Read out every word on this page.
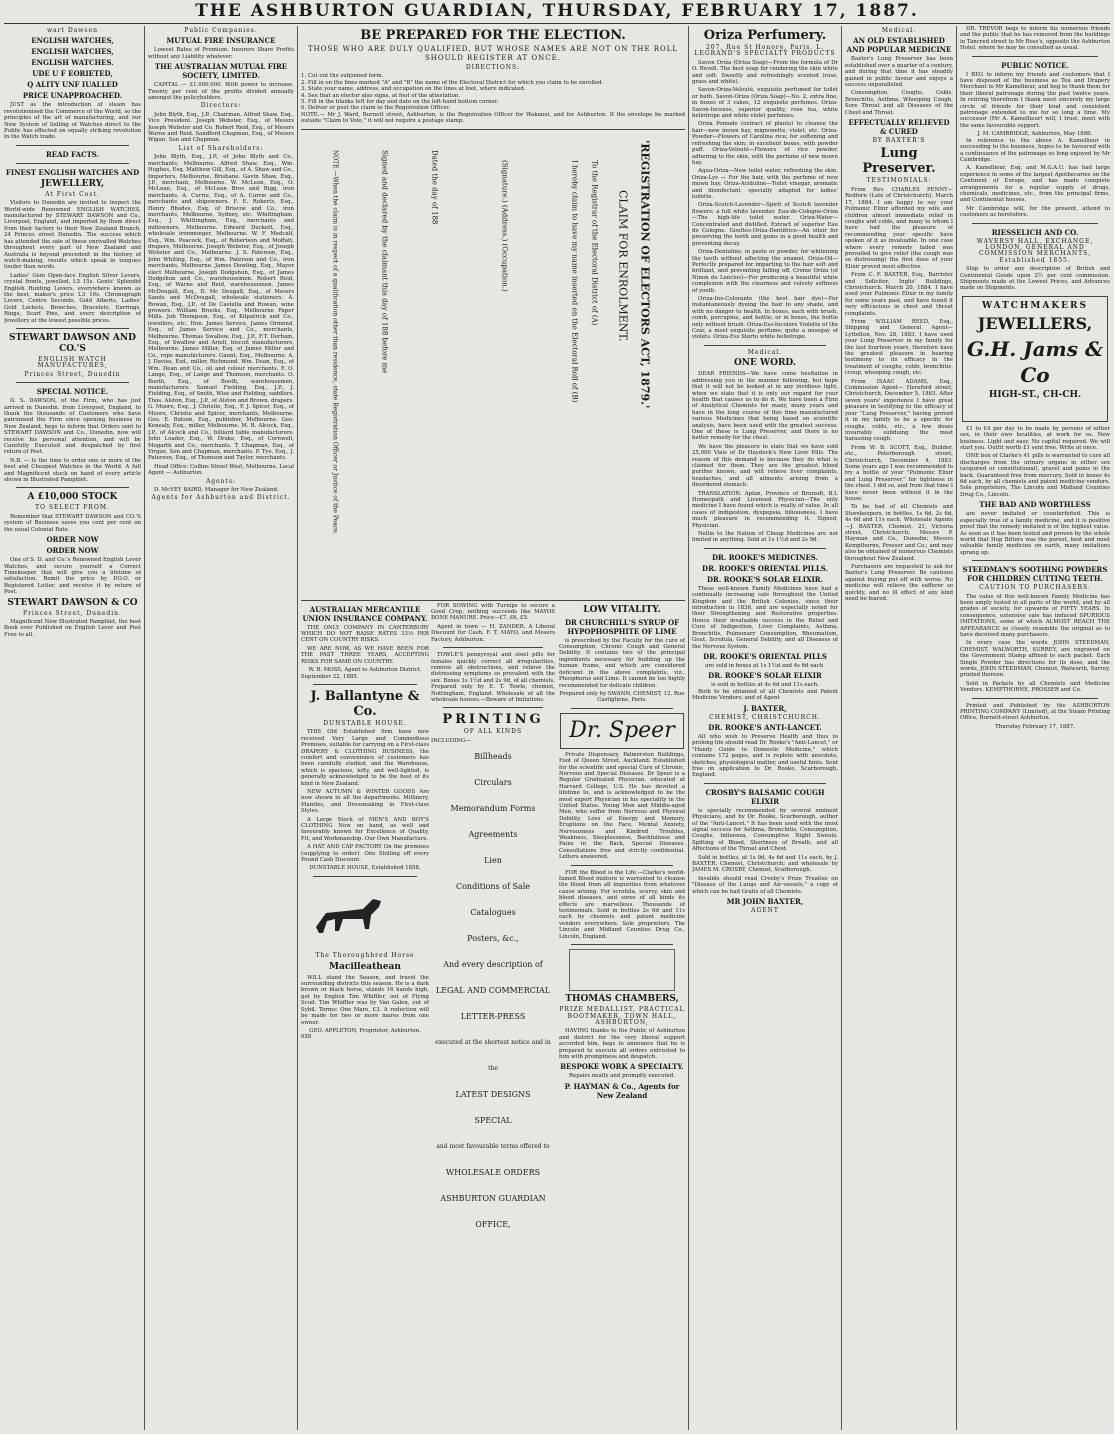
THE ASHBURTON GUARDIAN, THURSDAY, FEBRUARY 17, 1887.
wart Dawson
ENGLISH WATCHES,
ENGLISH WATCHES,
ENGLISH WATCHES.
UDE U F EORIETED,
Q ALITY UNF IUALLED
PRICE UNAPPROACHED.

JUST as the introduction of steam has revolutionised the Commerce of the World, so the principles of the art of manufacturing, and our New System of Selling of Watches direct to the Public has effected an equally striking revolution in the Watch trade.

READ FACTS.
FINEST ENGLISH WATCHES AND
JEWELLERY,
At First Cost.

Visitors to Dunedin are invited to inspect the World-wide Renowned ENGLISH WATCHES, manufactured by STEWART DAWSON and Co., Liverpool, England, and imported by them direct from their factory to their New Zealand Branch, 24 Princes street Dunedin. The success which has attended the sale of these unrivalled Watches throughout every part of New Zealand and Australia is beyond precedent in the history of watch-making, results which speak in tongues louder than words.

Ladies' Gem Open-face English Silver Levers, crystal fronts, jewelled, L5 15s. Gents' Splendid English Hunting Levers, everywhere known as the best, maker's price L3 10s. Chronograph Levers, Centre Seconds, Gold Alberts, Ladies' Gold Lockets, Brooches, Bracelets, Earrings, Rings, Scarf Pins, and every description of Jewellery at the lowest possible prices.

STEWART DAWSON AND CO.'S
ENGLISH WATCH MANUFACTURES,
Princes Street, Dunedin
SPECIAL NOTICE.

D. S. DAWSON, of the Firm, who has just arrived in Dunedin, from Liverpool, England, to thank the thousands of Customers who have patronised the Firm since opening business in New Zealand, begs to inform that Orders sent to STEWART DAWSON and Co., Dunedin, now will receive his personal attention, and will be Carefully Executed and despatched by first return of Post.

N.B. — Is the time to order one or more of the best and Cheapest Watches in the World. A full and Magnificent stock on hand of every article shown in Illustrated Pamphlet.

A £10,000 STOCK
TO SELECT FROM.

Remember that STEWART DAWSON and CO.'S system of Business saves you cent per cent on the usual Colonial Rate.

ORDER NOW
ORDER NOW

One of S. D. and Co.'s Renowned English Lever Watches, and secure yourself a Correct Timekeeper that will give you a lifetime of satisfaction. Remit the price by P.O.O. or Registered Letter, and receive it by return of Post.

STEWART DAWSON & CO
Princes Street, Dunedin.

Magnificent New Illustrated Pamphlet, the best Book ever Published on English Lever and Post Free to all.

Public Companies.
MUTUAL FIRE INSURANCE

Lowest Rates of Premium. Insurers Share Profits without any Liability whatever.

THE AUSTRALIAN MUTUAL FIRE SOCIETY, LIMITED.

CAPITAL — £1,000,000. With power to increase. Twenty per cent of the profits divided annually amongst the policyholders.

Directors:

John Blyth, Esq., J.P., Chairman. Alfred Shaw, Esq., Vice President. Joseph Webster, Esq., of Messrs Joseph Webster and Co. Robert Reid, Esq., of Messrs Warne and Reid. Sandford Chapman, Esq., of Messrs Wigan, Son and Chapman.

List of Shareholders:

John Blyth, Esq., J.P., of John Blyth and Co., merchants, Melbourne. Alfred Shaw, Esq., Wm. Hughes, Esq. Matthew Gill, Esq., of A. Shaw and Co., Importers, Melbourne, Brisbane. Gavin Shaw, Esq., J.P., merchant, Melbourne. W. McLean, Esq., O. McLean, Esq., of McLean Bros and Rigg, iron merchants. A. Currie, Esq., of A. Currie and Co., merchants and shipowners. F. E. Roberts, Esq., Henry Rhodes, Esq. of Briscoe and Co., iron merchants, Melbourne, Sydney, etc. Whittingham, Esq., J. Whittingham, Esq., merchants and millowners, Melbourne. Edward Duckett, Esq., wholesale ironmonger, Melbourne. W. F. Medcalf, Esq., Wm. Peacock, Esq., of Robertson and Moffatt, drapers, Melbourne. Joseph Webster, Esq., of Joseph Webster and Co., Melbourne. J. S. Paterson, Esq., John Whiting, Esq., of Wm. Paterson and Co., iron merchants, Melbourne. James Dowling, Esq., Mayor elect Melbourne. Joseph Dodgshun, Esq., of James Dodgshun and Co., warehousemen. Robert Reid, Esq., of Warne and Reid, warehousemen. James McDougall, Esq., D. Mc Dougall, Esq., of Messrs Sands and McDougall, wholesale stationers. A. Rowan, Esq., J.P., of De Castella and Rowan, wine growers. William Brooks, Esq., Melbourne Paper Mills. Job Thompson, Esq., of Kilpatrick and Co., jewellers, etc. Hon. James Service, James Ormond, Esq., of James Service and Co., merchants, Melbourne. Thomas Swallow, Esq., J.P., F.T. Derham, Esq., of Swallow and Ariell, biscuit manufacturers, Melbourne. James Miller, Esq. of James Miller and Co., rope manufacturers. Gaunt, Esq., Melbourne. A. J. Davies, Esd., miller, Richmond. Wm. Dean, Esq., of Wm. Dean and Co., oil and colour merchants. F. O. Lange, Esq., of Lange and Thomson, merchants. O. Booth, Esq., of Booth, warehousemen, manufacturers. Samuel Fielding, Esq., J.P., J. Fielding, Esq., of Smith, Wise and Fielding, saddlers. Thos. Alston, Esq., J.P., of Alston and Brown, drapers. G. Moore, Esq., J. Christie, Esq., F. J. Spicer, Esq., of Moore, Christie and Spicer, merchants, Melbourne. Geo. E. Batson, Esq., publisher, Melbourne. Geo. Kenealy, Esq., miller, Melbourne. M. B. Alcock, Esq., J.P., of Alcock and Co., billiard table manufacturers. John Loader, Esq., W. Drake, Esq., of Cornwell, Mogarth and Co., merchants. T. Chapman, Esq., of Virgoe, Son and Chapman, merchants. P. Tye, Esq., J. Paterson, Esq., of Thomson and Taylor, merchants.

Head Office: Collins Street West, Melbourne. Local Agent — Ashburton.

Agents:

D. McVEY BAIRD, Manager for New Zealand.

Agents for Ashburton and District.
BE PREPARED FOR THE ELECTION.
THOSE WHO ARE DULY QUALIFIED, BUT WHOSE NAMES ARE NOT ON THE ROLL SHOULD REGISTER AT ONCE.
DIRECTIONS:
1. Cut out the subjoined form.
2. Fill in on the lines marked "A" and "B" the name of the Electoral District for which you claim to be enrolled.
3. State your name, address, and occupation on the lines at foot, where indicated.
4. See that an elector also signs, at foot of the attestation.
5. Fill in the blanks left for day and date on the left-hand bottom corner.
6. Deliver or post the claim to the Registration Officer.
NOTE.— Mr J. Ward, Burnett street, Ashburton, is the Registration Officer for Wakanui, and for Ashburton. If the envelope be marked outside "Claim to Vote," it will not require a postage stamp.
'REGISTRATION OF ELECTORS ACT, 1879.'
CLAIM FOR ENROLMENT.
To the Registrar of the Electoral District of (A)
I hereby claim to have my name inserted on the Electoral Roll of (B)
(Signature.) (Address.) (Occupation.)
Dated the day of 188
Signed and declared by the claimant this day of 188 before me
NOTE.—When the claim is in respect of a qualification other than residence, state Registration Officer or Justice of the Peace.
AUSTRALIAN MERCANTILE UNION INSURANCE COMPANY.

THE ONLY COMPANY IN CANTERBURY WHICH DO NOT RAISE RATES 33⅓ PER CENT ON COUNTRY RISKS.

WE ARE NOW, AS WE HAVE BEEN FOR THE PAST THREE YEARS, ACCEPTING RISKS FOR SAME ON COUNTRY.

W. B. MOSS, Agent to Ashburton District.
September 22, 1885.
J. Ballantyne & Co.
DUNSTABLE HOUSE.

THIS Old Established firm have now received Very Large and Commodious Premises, suitable for carrying on a First-class DRAPERY & CLOTHING BUSINESS, the comfort and convenience of customers has been carefully studied, and the Warehouse, which is spacious, lofty, and well-lighted, is generally acknowledged to be the best of its kind in New Zealand.

NEW AUTUMN & WINTER GOODS Are now shown in all the departments. Millinery, Mantles, and Dressmaking in First-class Styles.

A Large Stock of MEN'S AND BOY'S CLOTHING Now on hand, as well and favourably known for Excellence of Quality, Fit, and Workmanship. Our Own Manufacture.

A HAT AND CAP FACTORY On the premises (supplying to order). One Shilling off every Pound Cash Discount.

DUNSTABLE HOUSE, Established 1858.
The Thoroughbred Horse
Macilleathean

WILL stand the Season, and travel the surrounding districts this season. He is a dark brown or black horse, stands 16 hands high, got by English Tim Whiffler, out of Flying Scud. Tim Whiffler was by Van Galen, out of Sybil. Terms: One Mare, £3. A reduction will be made for two or more mares from one owner.

GEO. APPLETON, Proprietor, Ashburton.
658

FOR SOWING with Turnips to secure a Good Crop, nothing succeeds like MAYOS BONE MANURE. Price—£7, £6, £5.

Agent in town — H. ZANDER. A Liberal Discount for Cash. F. T. MAYO, and Mosers Factory, Ashburton.

TOWLE'S pennyroyal and steel pills for females quickly correct all irregularities, remove all obstructions, and relieve the distressing symptoms so prevalent with the sex. Boxes 1s 1½d and 2s 9d, of all chemists. Prepared only by E. T. Towle, chemist, Nottingham, England. Wholesale of all the wholesale houses.—Beware of Imitations.

PRINTING
OF ALL KINDS
INCLUDING—
Billheads
Circulars
Memorandum Forms
Agreements
Lien
Conditions of Sale
Catalogues
Posters, &c.,
And every description of
LEGAL AND COMMERCIAL
LETTER-PRESS
executed at the shortest notice and in the
LATEST DESIGNS
SPECIAL
and most favourable terms offered to
WHOLESALE ORDERS
ASHBURTON GUARDIAN
OFFICE,
LOW VITALITY.
DR CHURCHILL'S SYRUP OF HYPOPHOSPHITE OF LIME

is prescribed by the Faculty for the cure of Consumption, Chronic Cough and General Debility. It contains two of the principal ingredients necessary for building up the human frame, and which are considered deficient in the above complaints, viz., Phosphorus and Lime. It cannot be too highly recommended for delicate children.

Prepared only by SWANN, CHEMIST, 12, Rue Castiglione, Paris.
Dr. Speer

Private Dispensary, Palmerston Buildings, Foot of Queen Street, Auckland. Established for the scientific and special Cure of Chronic, Nervous and Special Diseases. Dr Speer is a Regular Graduated Physician, educated at Harvard College, U.S. He has devoted a lifetime to, and is acknowledged to be the most expert Physician in his speciality in the United States. Young Men and Middle-aged Men, who suffer from Nervous and Physical Debility, Loss of Energy and Memory, Eruptions on the Face, Mental Anxiety, Nervousness and Kindred Troubles, Weakness, Sleeplessness, Bashfulness and Pains in the Back, Special Diseases. Consultations free and strictly confidential. Letters answered.

FOR the Blood is the Life.—Clarke's world-famed Blood mixture is warranted to cleanse the blood from all impurities from whatever cause arising. For scrofula, scurvy, skin and blood diseases, and sores of all kinds its effects are marvellous. Thousands of testimonials. Sold in bottles 2s 6d and 11s each by chemists and patent medicine vendors everywhere. Sole proprietors, The Lincoln and Midland Counties Drug Co., Lincoln, England.

THOMAS CHAMBERS,
PRIZE MEDALLIST, PRACTICAL BOOTMAKER, TOWN HALL, ASHBURTON,

HAVING thanks to the Public of Ashburton and district for the very liberal support accorded him, begs to announce that he is prepared to execute all orders entrusted to him with promptness and despatch.

BESPOKE WORK A SPECIALTY.
Repairs neatly and promptly executed.
P. HAYMAN & Co., Agents for New Zealand
Oriza Perfumery.
207, Rue St Honore, Paris. L. LEGRAND'S SPECIALTY PRODUCTS

Savon Oriza (Oriza Soap)—From the formula of Dr O. Revell. The best soap for rendering the skin white and soft. Sweetly and refreshingly scented (rose, grass and white).

Savon-Oriza-Velouté, exquisite perfumed for toilet or bath. Savon-Oriza (Oriza Soap)—No. 2, extra fine, in boxes of 3 cakes, 12 exquisite perfumes. Oriza-Savon-Incense, superior quality, rose tea, white heliotrope and white violet perfumes.

Oriza Pomade (extract of plants) to cleanse the hair—new mown hay, mignonette, violet, etc. Oriza-Powder—Flowers of Carolina rice; for softening and refreshing the skin; in excellent boxes, with powder puff. Oriza-Velouté—Flowers of rice powder, adhering to the skin, with the perfume of new mown hay.

Aqua-Oriza—New toilet water, refreshing the skin. Oriza-Lys — For the hair, with the perfume of new mown hay. Oriza-Aciduline—Toilet vinegar, aromatic and disinfectant, specially adapted for ladies' toilette.

Oriza-Scotch-Lavender—Spirit of Scotch lavender flowers; a full white lavender. Eau-de-Cologne-Oriza—The high-life toilet water. Oriza-Water—Concentrated and distilled. Extract of superior Eau de Cologne. Gouttes-Oriza-Dentifrice—An elixir for preserving the teeth and gums in a good health and preventing decay.

Oriza-Dentaline, in paste or powder, for whitening the teeth without affecting the enamel. Oriza-Oil—Perfectly prepared for imparting to the hair soft and brilliant, and preventing falling off. Creme Oriza (of Ninon de Lenclos)—For producing a beautiful white complexion with the clearness and velvety softness of youth.

Oriza-Ino-Colorante (the best hair dye)—For instantaneously dyeing the hair to any shade, and with no danger to health. In boxes, each with brush, comb, porcupine, and bottle; or in boxes, the bottle only without brush. Oriza-Ess-Incolore Violette of the Czar, a most exquisite perfume; quite a nosegay of violets. Oriza-Ess Starto white heliotrope.

Medical.
ONE WORD.

DEAR FRIENDS—We have come hesitation in addressing you in the manner following, but hope that it will not be looked at in any invidious light, when we state that it is only our regard for your health that causes us to do it. We have been a Firm of Analytical Chemists for many, many years and have in the long course of this time manufactured various Medicines that being based on scientific analysis, have been used with the greatest success. One of these is Lung Preserver, and there is no better remedy for the chest.

We have the pleasure to state that we have sold 25,000 Vials of Dr Haydock's New Liver Pills. The reason of this demand is because they do what is claimed for them. They are the greatest blood purifier known, and will relieve liver complaints, headaches, and all ailments arising from a disordered stomach.

TRANSLATION. Aplan, Province of Brunsdt, B.I. Homeopath and Licensed Physician—The only medicine I have found which is really of value. In all cases of indigestion, dyspepsia, biliousness, I have much pleasure in recommending it. Signed, Physician.

Nellie to the Nation of Cheap Medicines are not limited in anything. Sold at 1s 1½d and 2s 9d.

DR. ROOKE'S MEDICINES.
DR. ROOKE'S ORIENTAL PILLS.
DR. ROOKE'S SOLAR ELIXIR.

These well-known Family Medicines have had a continually increasing sale throughout the United Kingdom and the British Colonies, since their introduction in 1836, and are especially noted for their Strengthening and Restorative properties. Hence their invaluable success in the Relief and Cure of Indigestion, Liver Complaints, Asthma, Bronchitis, Pulmonary Consumption, Rheumatism, Gout, Scrofula, General Debility, and all Diseases of the Nervous System.

DR. ROOKE'S ORIENTAL PILLS
are sold in boxes at 1s 1½d and 4s 6d each.
DR. ROOKE'S SOLAR ELIXIR
is sold in bottles at 4s 6d and 11s each.

Both to be obtained of all Chemists and Patent Medicine Vendors; and of Agent

J. BAXTER,
CHEMIST, CHRISTCHURCH.
DR. ROOKE'S ANTI-LANCET.

All who wish to Preserve Health and thus to prolong life should read Dr. Rooke's "Anti-Lancet," or "Handy Guide to Domestic Medicine," which contains 172 pages, and is replete with anecdote, sketches, physiological matter, and useful hints. Sent free on application to Dr. Rooke, Scarborough, England.

CROSBY'S BALSAMIC COUGH ELIXIR

is specially recommended by several eminent Physicians, and by Dr. Rooke, Scarborough, author of the "Anti-Lancet." It has been used with the most signal success for Asthma, Bronchitis, Consumption, Coughs, Influenza, Consumptive Night Sweats, Spitting of Blood, Shortness of Breath, and all Affections of the Throat and Chest.

Sold in bottles, at 1s 9d, 4s 6d and 11s each, by J. BAXTER, Chemist, Christchurch; and wholesale by JAMES M. CROSBY, Chemist, Scarborough.

Invalids should read Crosby's Prize Treatise on "Disease of the Lungs and Air-vessels," a copy of which can be had Gratis of all Chemists.

MR JOHN BAXTER,
AGENT
Medical.
AN OLD ESTABLISHED AND POPULAR MEDICINE

Baxter's Lung Preserver has been established over a quarter of a century, and during that time it has steadily gained in public favour and enjoys a success unparalleled.

Consumption, Coughs, Colds, Bronchitis, Asthma, Whooping Cough, Sore Throat and all Diseases of the Chest and Throat.

EFFECTUALLY RELIEVED & CURED
BY BAXTER'S
Lung Preserver.
TESTIMONIALS:

From Rev. CHARLES PENNY—Redfern (Late of Christchurch), March 17, 1884. I am happy to say your Pulmonic Elixir afforded my wife and children almost immediate relief in coughs and colds, and many to whom I have had the pleasure of recommending your specific have spoken of it as invaluable. In one case where every remedy failed was prevailed to give relief (the cough was so distressing) the first dose of your Elixir proved most effective.

From C. F. BAXTER, Esq., Barrister and Solicitor, Inglis' Buildings, Christchurch. March 20, 1884. I have used your Pulmonic Elixir in my family for some years past, and have found it very efficacious in chest and throat complaints.

From WILLIAM REED, Esq., Shipping and General Agent— Lyttelton, Nov. 28, 1883. I have used your Lung Preserver in my family for the last fourteen years, therefore have the greatest pleasure in bearing testimony to its efficacy in the treatment of coughs, colds, bronchitis, croup, whooping cough, etc.

From ISAAC ADAMS, Esq., Commission Agent— Hereford street, Christchurch, December 5, 1883. After seven years' experience I have great pleasure in testifying to the efficacy of your "Lung Preserver," having proved it in my family to be a specific for coughs, colds, etc., a few doses invariably subduing the most harassing cough.

From W. B. SCOTT, Esq., Builder, etc., Peterborough street, Christchurch, December 4, 1883. Some years ago I was recommended to try a bottle of your "Pulmonic Elixir and Lung Preserver," for tightness in the chest. I did so, and from that time I have never been without it in the house.

To be had of all Chemists and Storekeepers, in bottles, 1s 6d, 2s 6d, 4s 6d and 11s each. Wholesale Agents—J. BAXTER, Chemist, 21, Victoria street, Christchurch; Messrs P. Hayman and Co., Dunedin; Messrs Kempthorne, Prosser and Co.; and may also be obtained of numerous Chemists throughout New Zealand.

Purchasers are requested to ask for Baxter's Lung Preserver. Be cautious against buying put off with worse. No medicine will relieve the sufferer so quickly, and no ill effect of any kind need be feared.

DR. TREVOR begs to inform his numerous friends and the public that he has removed from the buildings in Tancred street to Mr Ross's, opposite the Ashburton Hotel, where he may be consulted as usual.

PUBLIC NOTICE.

I BEG to inform my friends and customers that I have disposed of the business as Tea and Drapery Merchant to Mr Kamellieur, and beg to thank them for their liberal patronage during the past twelve years. In retiring therefrom I thank most sincerely my large circle of friends for their kind and consistent patronage extended to me for so long a time. My successor (Mr A. Kamellieur) will, I trust, meet with the same favourable support.

J. M. CAMBRIDGE, Ashburton, May 1886.

In reference to the above A. Kamellieur in succeeding to the business, hopes to be favoured with a continuance of the patronage so long enjoyed by Mr Cambridge.

A. Kamellieur, Esq. and M.G.A.U. has had large experience in some of the largest Apothecaries on the Continent of Europe, and has made complete arrangements for a regular supply of drugs, chemicals, medicines, etc., from the principal firms, and Continental houses.

Mr Cambridge will, for the present, attend to customers as heretofore.

RIESSELICH AND CO.
WAVERSY HALL, EXCHANGE, LONDON, GENERAL AND COMMISSION MERCHANTS, Established 1855.

Ship to order any description of British and Continental Goods upon 2½ per cent commission. Shipments made at the Lowest Prices, and Advances made on Shipments.

WATCHMAKERS
JEWELLERS,
G.H. Jams & Co
HIGH-ST., CH-CH.

£1 to £4 per day to be made by persons of either sex, in their own localities, at work for us. New business. Light and easy. No capital required. We will start you. Outfit worth £1 sent free. Write at once.

ONE box of Clarke's 41 pills is warranted to cure all discharges from the urinary organs in either sex (acquired or constitutional), gravel and pains in the back. Guaranteed free from mercury. Sold in boxes 4s 6d each, by all chemists and patent medicine vendors. Sole proprietors, The Lincoln and Midland Counties Drug Co., Lincoln.

THE BAD AND WORTHLESS

are never imitated or counterfeited. This is especially true of a family medicine, and it is positive proof that the remedy imitated is of the highest value. As soon as it has been tested and proven by the whole world that Hop Bitters was the purest, best and most valuable family medicine on earth, many imitations sprang up.

STEEDMAN'S SOOTHING POWDERS FOR CHILDREN CUTTING TEETH.
CAUTION TO PURCHASERS.

The value of this well-known Family Medicine has been amply tested in all parts of the world, and by all grades of society, for upwards of FIFTY YEARS. In consequence, extensive sale has induced SPURIOUS IMITATIONS, some of which ALMOST REACH THE APPEARANCE so closely resemble the original as to have deceived many purchasers.

In every case the words JOHN STEEDMAN, CHEMIST, WALWORTH, SURREY, are engraved on the Government Stamp affixed to each packet. Each Single Powder has directions for its dose, and the words, JOHN STEEDMAN, Chemist, Walworth, Surrey, printed thereon.

Sold in Packets by all Chemists and Medicine Vendors. KEMPTHORNE, PROSSER and Co.

Printed and Published by the ASHBURTON PRINTING COMPANY (Limited), at the Steam Printing Office, Burnett-street Ashburton.

Thursday February 17, 1887.
